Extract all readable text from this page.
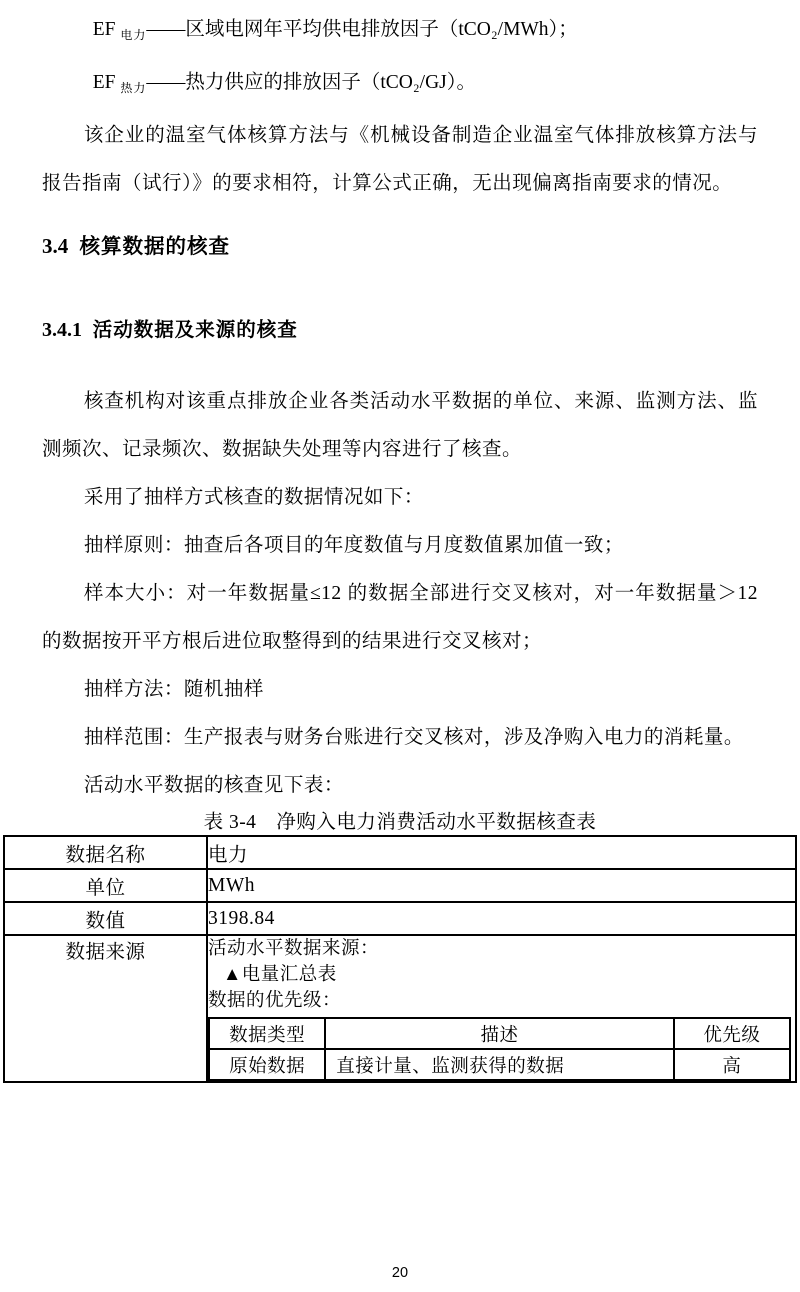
EF $_{电力}$——区域电网年平均供电排放因子（tCO₂/MWh）；

EF $_{热力}$——热力供应的排放因子（tCO₂/GJ）。

该企业的温室气体核算方法与《机械设备制造企业温室气体排放核算方法与报告指南（试行）》的要求相符，计算公式正确，无出现偏离指南要求的情况。

3.4 核算数据的核查

3.4.1 活动数据及来源的核查

核查机构对该重点排放企业各类活动水平数据的单位、来源、监测方法、监测频次、记录频次、数据缺失处理等内容进行了核查。

采用了抽样方式核查的数据情况如下：

抽样原则：抽查后各项目的年度数值与月度数值累加值一致；

样本大小：对一年数据量≤12 的数据全部进行交叉核对，对一年数据量＞12 的数据按开平方根后进位取整得到的结果进行交叉核对；

抽样方法：随机抽样

抽样范围：生产报表与财务台账进行交叉核对，涉及净购入电力的消耗量。

活动水平数据的核查见下表：

表 3-4　净购入电力消费活动水平数据核查表

数据名称	电力
单位	MWh
数值	3198.84
数据来源	活动水平数据来源：
▲电量汇总表
数据的优先级：
数据类型	描述	优先级
原始数据	直接计量、监测获得的数据	高
20
